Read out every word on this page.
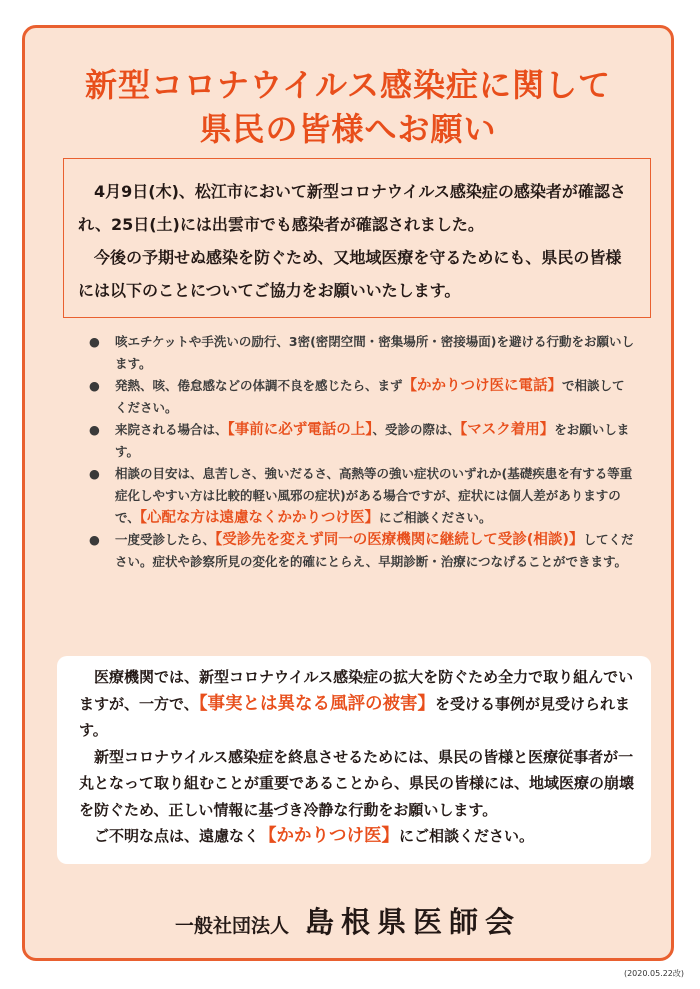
新型コロナウイルス感染症に関して
県民の皆様へお願い

4月9日(木)、松江市において新型コロナウイルス感染症の感染者が確認され、25日(土)には出雲市でも感染者が確認されました。

今後の予期せぬ感染を防ぐため、又地域医療を守るためにも、県民の皆様には以下のことについてご協力をお願いいたします。

● 咳エチケットや手洗いの励行、3密(密閉空間・密集場所・密接場面)を避ける行動をお願いします。
● 発熱、咳、倦怠感などの体調不良を感じたら、まず【かかりつけ医に電話】で相談してください。
● 来院される場合は、【事前に必ず電話の上】、受診の際は、【マスク着用】をお願いします。
● 相談の目安は、息苦しさ、強いだるさ、高熱等の強い症状のいずれか(基礎疾患を有する等重症化しやすい方は比較的軽い風邪の症状)がある場合ですが、症状には個人差がありますので、【心配な方は遠慮なくかかりつけ医】にご相談ください。
● 一度受診したら、【受診先を変えず同一の医療機関に継続して受診(相談)】してください。症状や診察所見の変化を的確にとらえ、早期診断・治療につなげることができます。

医療機関では、新型コロナウイルス感染症の拡大を防ぐため全力で取り組んでいますが、一方で、【事実とは異なる風評の被害】を受ける事例が見受けられます。

新型コロナウイルス感染症を終息させるためには、県民の皆様と医療従事者が一丸となって取り組むことが重要であることから、県民の皆様には、地域医療の崩壊を防ぐため、正しい情報に基づき冷静な行動をお願いします。

ご不明な点は、遠慮なく【かかりつけ医】にご相談ください。

一般社団法人 島根県医師会
(2020.05.22改)
